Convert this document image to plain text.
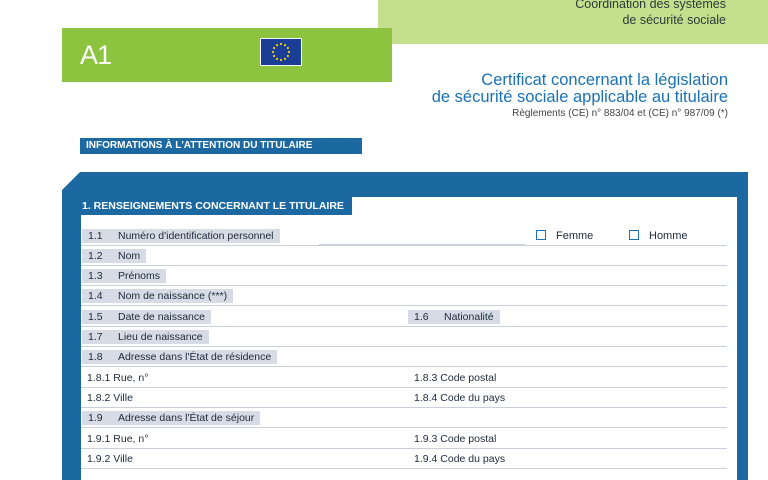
Coordination des systèmes
de sécurité sociale
A1
Certificat concernant la législation
de sécurité sociale applicable au titulaire
Règlements (CE) n° 883/04 et (CE) n° 987/09 (*)
INFORMATIONS À L'ATTENTION DU TITULAIRE
1. RENSEIGNEMENTS CONCERNANT LE TITULAIRE
1.1 Numéro d'identification personnel	Femme	Homme
1.2 Nom
1.3 Prénoms
1.4 Nom de naissance (***)
1.5 Date de naissance	1.6 Nationalité
1.7 Lieu de naissance
1.8 Adresse dans l'État de résidence
1.8.1 Rue, n°	1.8.3 Code postal
1.8.2 Ville	1.8.4 Code du pays
1.9 Adresse dans l'État de séjour
1.9.1 Rue, n°	1.9.3 Code postal
1.9.2 Ville	1.9.4 Code du pays
